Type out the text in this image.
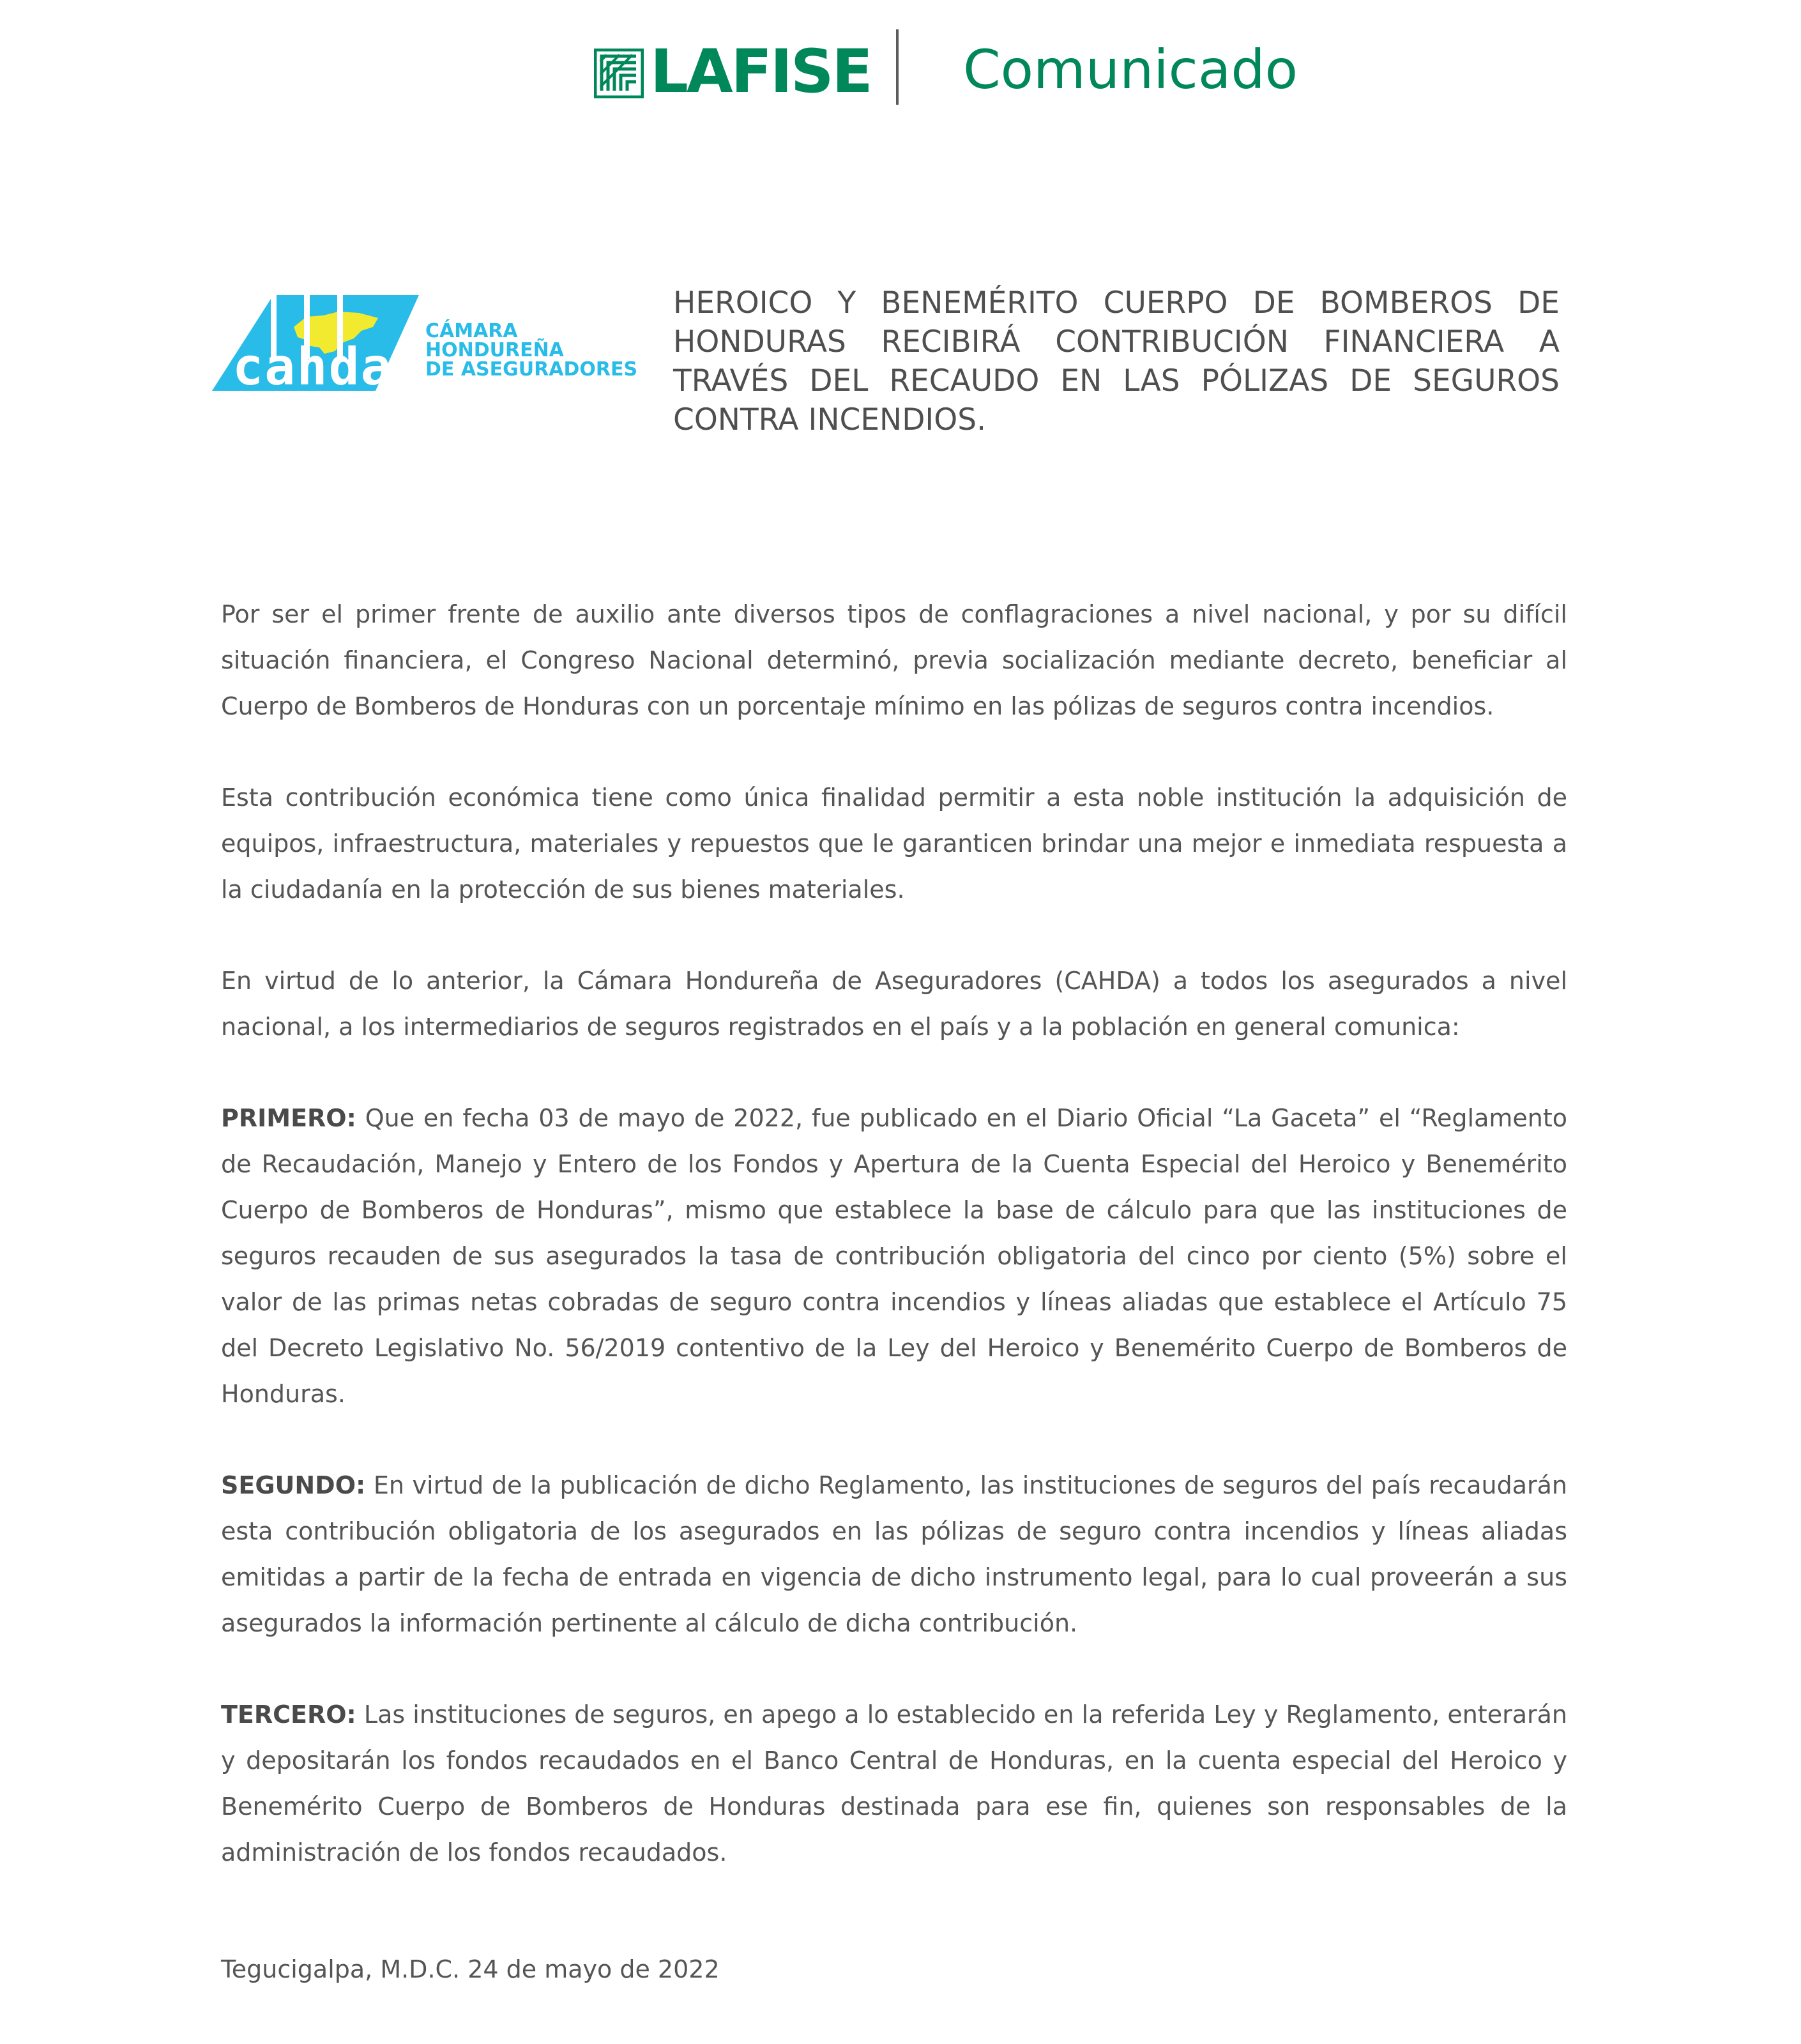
LAFISE Comunicado
cahda
CÁMARA
HONDUREÑA
DE ASEGURADORES
HEROICO Y BENEMÉRITO CUERPO DE BOMBEROS DE HONDURAS RECIBIRÁ CONTRIBUCIÓN FINANCIERA A TRAVÉS DEL RECAUDO EN LAS PÓLIZAS DE SEGUROS CONTRA INCENDIOS.

Por ser el primer frente de auxilio ante diversos tipos de conflagraciones a nivel nacional, y por su difícil situación financiera, el Congreso Nacional determinó, previa socialización mediante decreto, beneficiar al Cuerpo de Bomberos de Honduras con un porcentaje mínimo en las pólizas de seguros contra incendios.

Esta contribución económica tiene como única finalidad permitir a esta noble institución la adquisición de equipos, infraestructura, materiales y repuestos que le garanticen brindar una mejor e inmediata respuesta a la ciudadanía en la protección de sus bienes materiales.

En virtud de lo anterior, la Cámara Hondureña de Aseguradores (CAHDA) a todos los asegurados a nivel nacional, a los intermediarios de seguros registrados en el país y a la población en general comunica:

PRIMERO: Que en fecha 03 de mayo de 2022, fue publicado en el Diario Oficial “La Gaceta” el “Reglamento de Recaudación, Manejo y Entero de los Fondos y Apertura de la Cuenta Especial del Heroico y Benemérito Cuerpo de Bomberos de Honduras”, mismo que establece la base de cálculo para que las instituciones de seguros recauden de sus asegurados la tasa de contribución obligatoria del cinco por ciento (5%) sobre el valor de las primas netas cobradas de seguro contra incendios y líneas aliadas que establece el Artículo 75 del Decreto Legislativo No. 56/2019 contentivo de la Ley del Heroico y Benemérito Cuerpo de Bomberos de Honduras.

SEGUNDO: En virtud de la publicación de dicho Reglamento, las instituciones de seguros del país recaudarán esta contribución obligatoria de los asegurados en las pólizas de seguro contra incendios y líneas aliadas emitidas a partir de la fecha de entrada en vigencia de dicho instrumento legal, para lo cual proveerán a sus asegurados la información pertinente al cálculo de dicha contribución.

TERCERO: Las instituciones de seguros, en apego a lo establecido en la referida Ley y Reglamento, enterarán y depositarán los fondos recaudados en el Banco Central de Honduras, en la cuenta especial del Heroico y Benemérito Cuerpo de Bomberos de Honduras destinada para ese fin, quienes son responsables de la administración de los fondos recaudados.

Tegucigalpa, M.D.C. 24 de mayo de 2022
